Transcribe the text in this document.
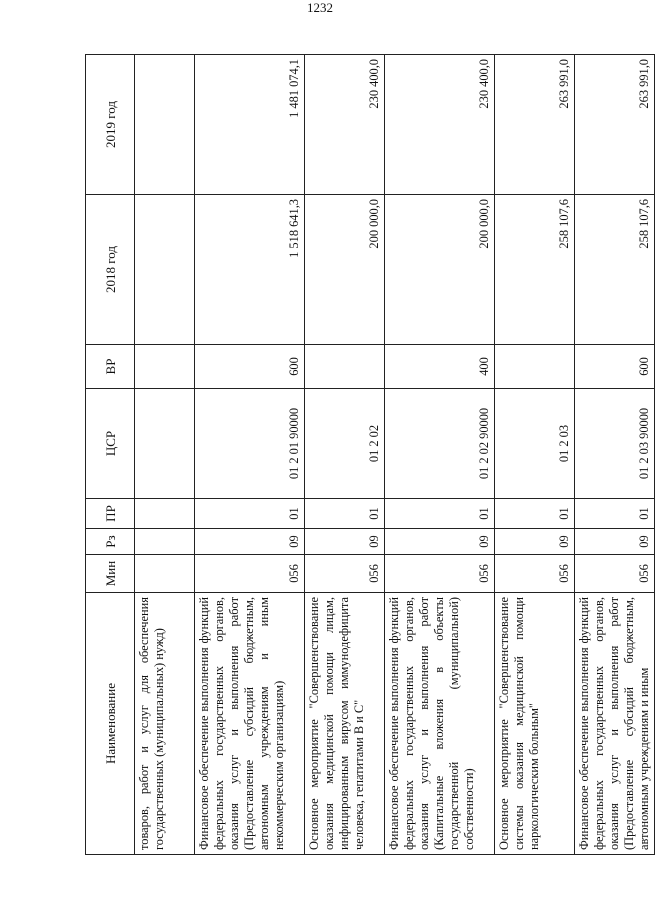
1232
Наименование	Мин	Рз	ПР	ЦСР	ВР	2018 год	2019 год
товаров, работ и услуг для обеспечения государственных (муниципальных) нужд)							
Финансовое обеспечение выполнения функций федеральных государственных органов, оказания услуг и выполнения работ (Предоставление субсидий бюджетным, автономным учреждениям и иным некоммерческим организациям)	056	09	01	01 2 01 90000	600	1 518 641,3	1 481 074,1
Основное мероприятие "Совершенствование оказания медицинской помощи лицам, инфицированным вирусом иммунодефицита человека, гепатитами В и С"	056	09	01	01 2 02		200 000,0	230 400,0
Финансовое обеспечение выполнения функций федеральных государственных органов, оказания услуг и выполнения работ (Капитальные вложения в объекты государственной (муниципальной) собственности)	056	09	01	01 2 02 90000	400	200 000,0	230 400,0
Основное мероприятие "Совершенствование системы оказания медицинской помощи наркологическим больным"	056	09	01	01 2 03		258 107,6	263 991,0
Финансовое обеспечение выполнения функций федеральных государственных органов, оказания услуг и выполнения работ (Предоставление субсидий бюджетным, автономным учреждениям и иным	056	09	01	01 2 03 90000	600	258 107,6	263 991,0
